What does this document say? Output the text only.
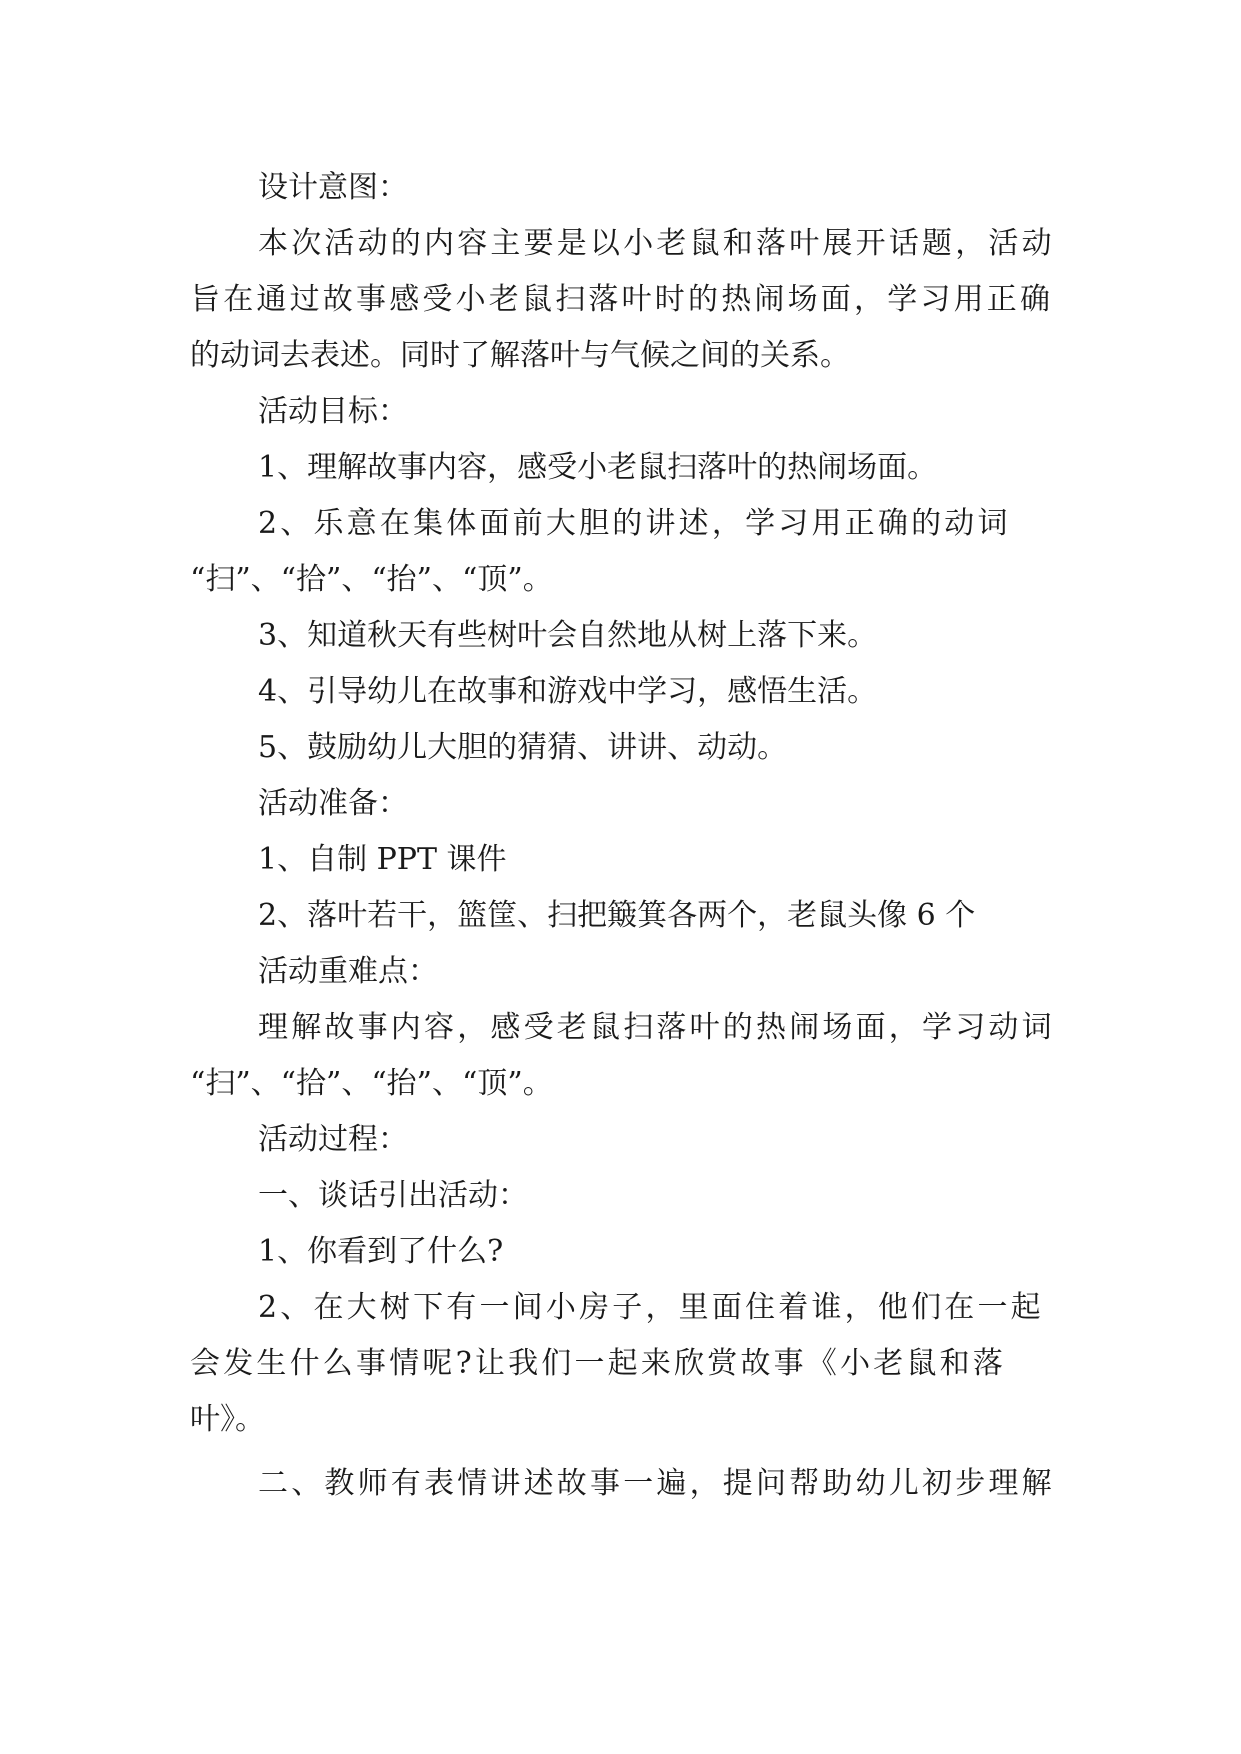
设计意图：
本次活动的内容主要是以小老鼠和落叶展开话题，活动
旨在通过故事感受小老鼠扫落叶时的热闹场面，学习用正确
的动词去表述。同时了解落叶与气候之间的关系。
活动目标：
1、理解故事内容，感受小老鼠扫落叶的热闹场面。
2、乐意在集体面前大胆的讲述，学习用正确的动词
“扫”、“拾”、“抬”、“顶”。
3、知道秋天有些树叶会自然地从树上落下来。
4、引导幼儿在故事和游戏中学习，感悟生活。
5、鼓励幼儿大胆的猜猜、讲讲、动动。
活动准备：
1、自制 PPT 课件
2、落叶若干，篮筐、扫把簸箕各两个，老鼠头像 6 个
活动重难点：
理解故事内容，感受老鼠扫落叶的热闹场面，学习动词
“扫”、“拾”、“抬”、“顶”。
活动过程：
一、谈话引出活动：
1、你看到了什么?
2、在大树下有一间小房子，里面住着谁，他们在一起
会发生什么事情呢?让我们一起来欣赏故事《小老鼠和落
叶》。
二、教师有表情讲述故事一遍，提问帮助幼儿初步理解
